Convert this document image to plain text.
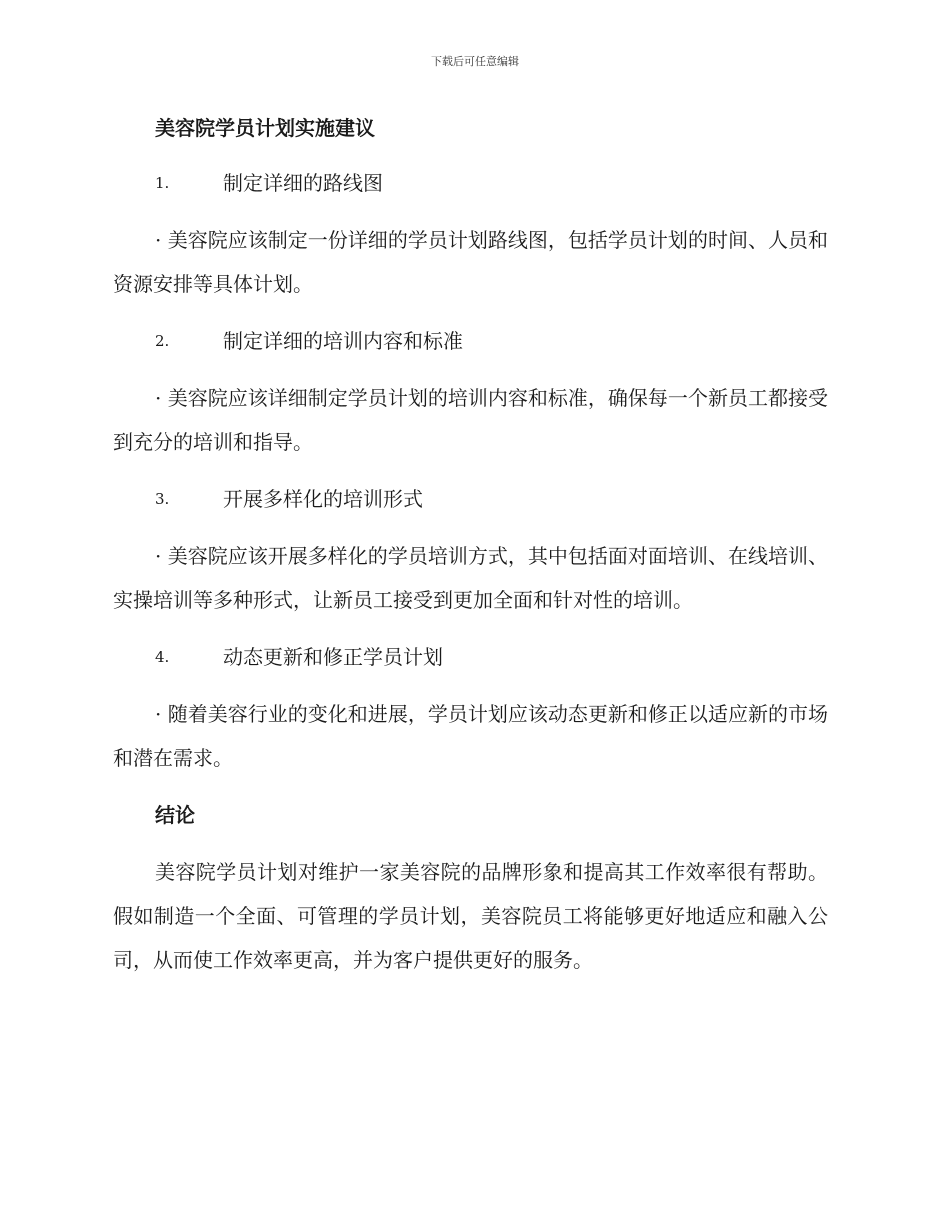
下载后可任意编辑
美容院学员计划实施建议
1.	制定详细的路线图

· 美容院应该制定一份详细的学员计划路线图，包括学员计划的时间、人员和资源安排等具体计划。

2.	制定详细的培训内容和标准

· 美容院应该详细制定学员计划的培训内容和标准，确保每一个新员工都接受到充分的培训和指导。

3.	开展多样化的培训形式

· 美容院应该开展多样化的学员培训方式，其中包括面对面培训、在线培训、实操培训等多种形式，让新员工接受到更加全面和针对性的培训。

4.	动态更新和修正学员计划

· 随着美容行业的变化和进展，学员计划应该动态更新和修正以适应新的市场和潜在需求。

结论

美容院学员计划对维护一家美容院的品牌形象和提高其工作效率很有帮助。假如制造一个全面、可管理的学员计划，美容院员工将能够更好地适应和融入公司，从而使工作效率更高，并为客户提供更好的服务。
